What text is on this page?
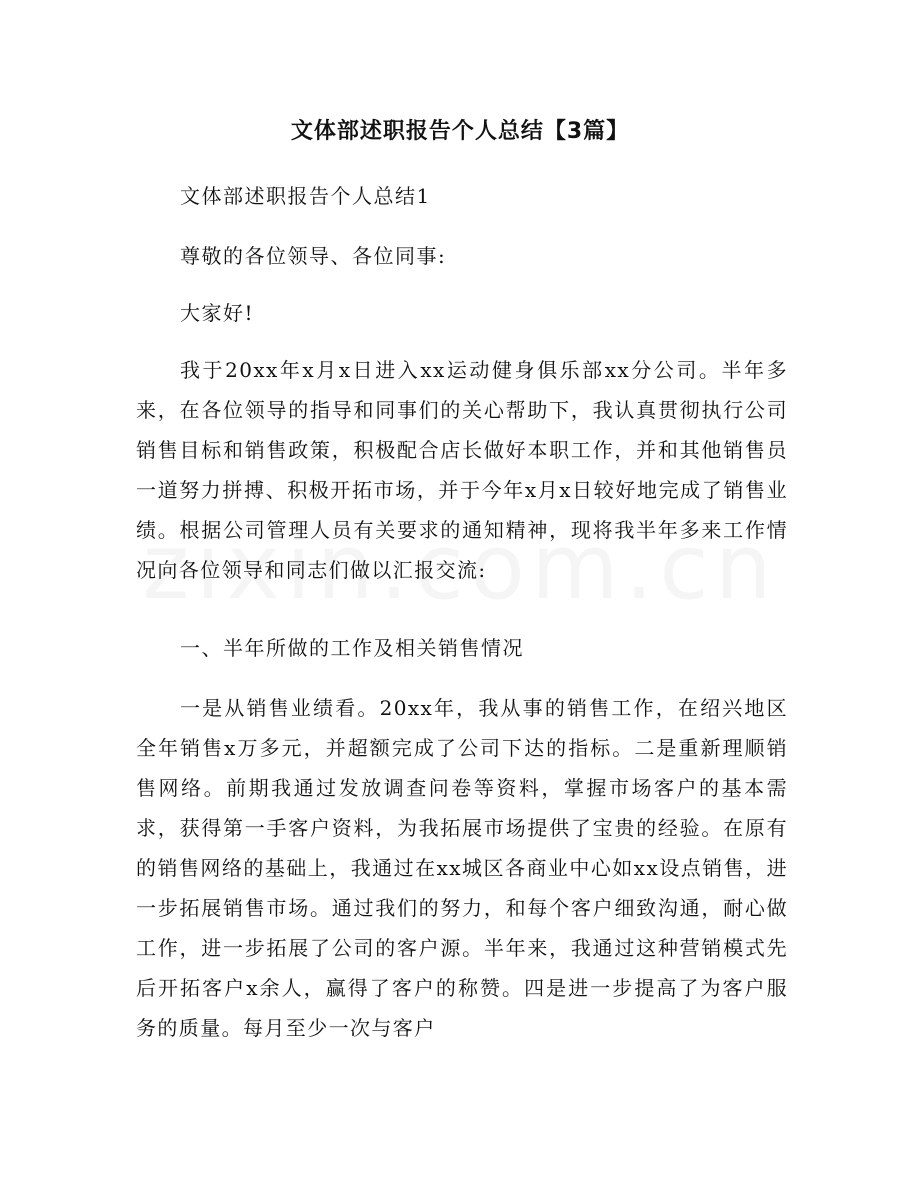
文体部述职报告个人总结【3篇】
文体部述职报告个人总结1
尊敬的各位领导、各位同事:
大家好!
我于20xx年x月x日进入xx运动健身俱乐部xx分公司。半年多来，在各位领导的指导和同事们的关心帮助下，我认真贯彻执行公司销售目标和销售政策，积极配合店长做好本职工作，并和其他销售员一道努力拼搏、积极开拓市场，并于今年x月x日较好地完成了销售业绩。根据公司管理人员有关要求的通知精神，现将我半年多来工作情况向各位领导和同志们做以汇报交流:
一、半年所做的工作及相关销售情况
一是从销售业绩看。20xx年，我从事的销售工作，在绍兴地区全年销售x万多元，并超额完成了公司下达的指标。二是重新理顺销售网络。前期我通过发放调查问卷等资料，掌握市场客户的基本需求，获得第一手客户资料，为我拓展市场提供了宝贵的经验。在原有的销售网络的基础上，我通过在xx城区各商业中心如xx设点销售，进一步拓展销售市场。通过我们的努力，和每个客户细致沟通，耐心做工作，进一步拓展了公司的客户源。半年来，我通过这种营销模式先后开拓客户x余人，赢得了客户的称赞。四是进一步提高了为客户服务的质量。每月至少一次与客户
